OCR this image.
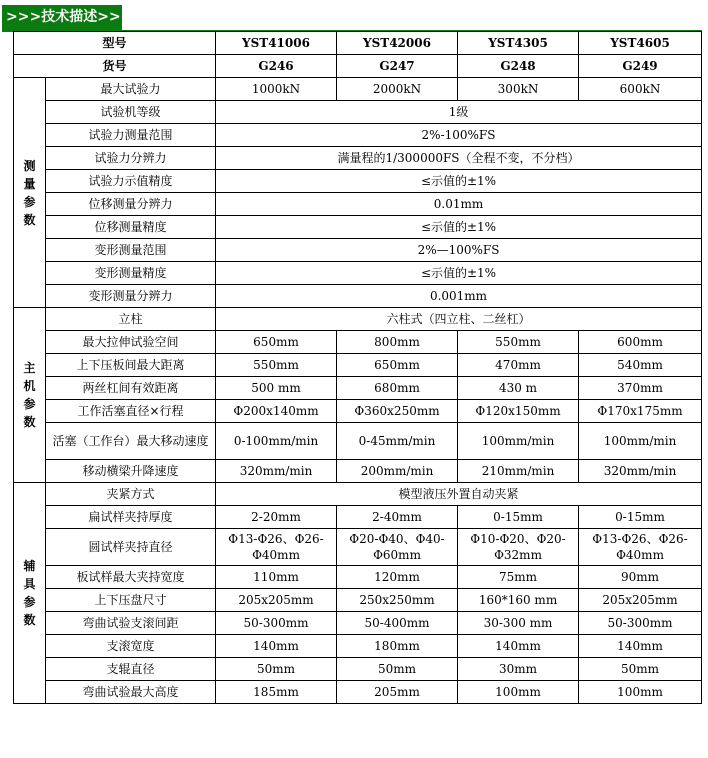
>>>技术描述>>>
型号		YST41006	YST42006	YST4305	YST4605
货号		G246	G247	G248	G249

测
量
参
数	最大试验力	1000kN	2000kN	300kN	600kN
	试验机等级	1级			
	试验力测量范围	2%-100%FS			
	试验力分辨力	满量程的1/300000FS（全程不变，不分档）			
	试验力示值精度	≤示值的±1%			
	位移测量分辨力	0.01mm			
	位移测量精度	≤示值的±1%			
	变形测量范围	2%—100%FS			
	变形测量精度	≤示值的±1%			
	变形测量分辨力	0.001mm			

主
机
参
数	立柱	六柱式（四立柱、二丝杠）			
	最大拉伸试验空间	650mm	800mm	550mm	600mm
	上下压板间最大距离	550mm	650mm	470mm	540mm
	两丝杠间有效距离	500 mm	680mm	430 m	370mm
	工作活塞直径×行程	Φ200x140mm	Φ360x250mm	Φ120x150mm	Φ170x175mm
	活塞（工作台）最大移动速度	0-100mm/min	0-45mm/min	100mm/min	100mm/min
	移动横梁升降速度	320mm/min	200mm/min	210mm/min	320mm/min

辅
具
参
数	夹紧方式	模型液压外置自动夹紧			
	扁试样夹持厚度	2-20mm	2-40mm	0-15mm	0-15mm
	圆试样夹持直径	Φ13-Φ26、Φ26-Φ40mm	Φ20-Φ40、Φ40-Φ60mm	Φ10-Φ20、Φ20-Φ32mm	Φ13-Φ26、Φ26-Φ40mm
	板试样最大夹持宽度	110mm	120mm	75mm	90mm
	上下压盘尺寸	205x205mm	250x250mm	160*160 mm	205x205mm
	弯曲试验支滚间距	50-300mm	50-400mm	30-300 mm	50-300mm
	支滚宽度	140mm	180mm	140mm	140mm
	支辊直径	50mm	50mm	30mm	50mm
	弯曲试验最大高度	185mm	205mm	100mm	100mm
